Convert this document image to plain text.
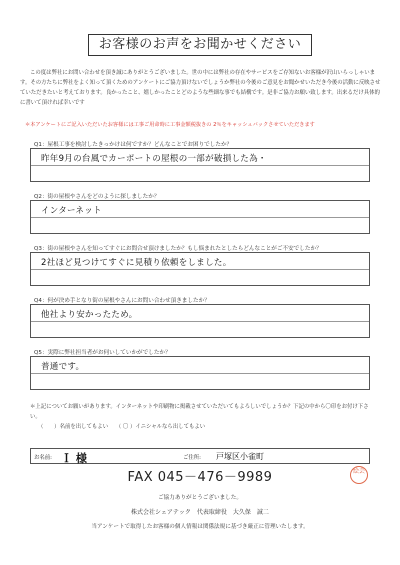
お客様のお声をお聞かせください
この度は弊社にお問い合わせを頂き誠にありがとうございました。世の中には弊社の存在やサービスをご存知ないお客様が沢山いらっしゃいます。その方たちに弊社をよく知って頂くためのアンケートにご協力頂けないでしょうか弊社の今後のご意見をお聞かせいただき今後の活動に反映させていただきたいと考えております。良かったこと、嬉しかったことどのような些細な事でも結構です。是非ご協力お願い致します。出来るだけ具体的に書いて頂ければ幸いです
＊本アンケートにご記入いただいたお客様には工事ご用命時に工事金額税抜きの 2％をキャッシュバックさせていただきます
Q1：屋根工事を検討したきっかけは何ですか？どんなことでお困りでしたか？
昨年9月の台風でカーポートの屋根の一部が破損した為・
Q2：街の屋根やさんをどのように探しましたか？
インターネット
Q3：街の屋根やさんを知ってすぐにお問合せ頂けましたか？もし悩まれたとしたらどんなことがご不安でしたか？
2社ほど見つけてすぐに見積り依頼をしました。
Q4：何が決め手となり街の屋根やさんにお問い合わせ頂きましたか？
他社より安かったため。
Q5：実際に弊社担当者がお伺いしていかがでしたか？
普通です。
＊上記についてお願いがあります。インターネットや印刷物に掲載させていただいてもよろしいでしょうか？下記の中から〇印をお付け下さい。
（　　）名前を出してもよい （ 〇 ）イニシャルなら出してもよい
お名前: Ｉ 様	ご住所: 戸塚区小雀町
FAX 045－476－9989	絵芸
ご協力ありがとうございました。
株式会社シェアテック　代表取締役　大久保　誠二
当アンケートで取得したお客様の個人情報は関係法規に基づき厳正に管理いたします。
